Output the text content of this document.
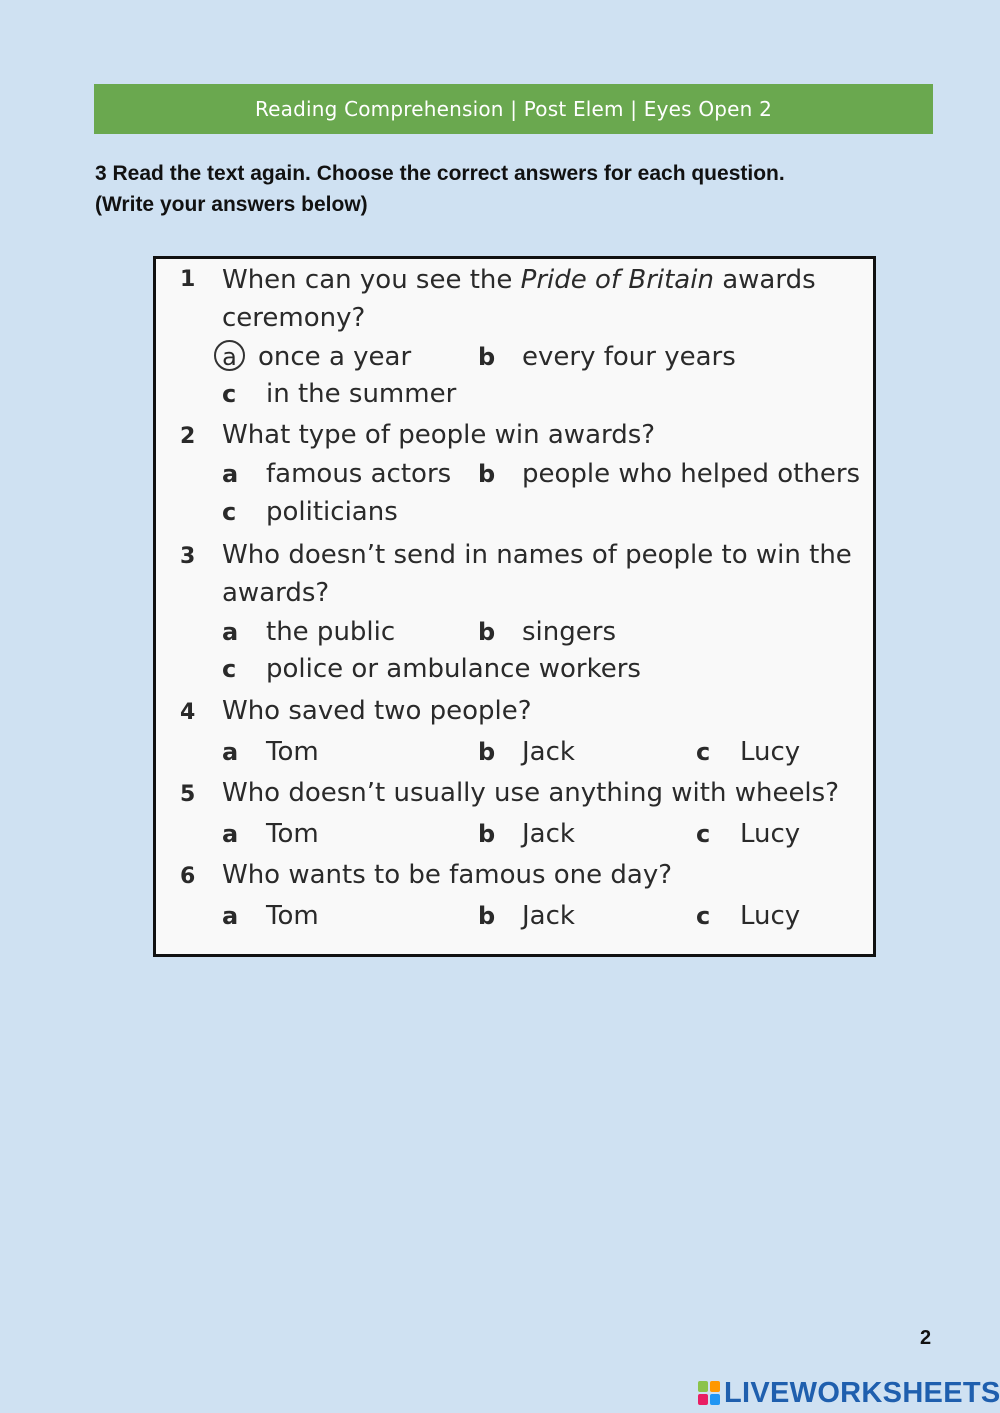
Reading Comprehension | Post Elem | Eyes Open 2
3 Read the text again. Choose the correct answers for each question.
(Write your answers below)
1 When can you see the Pride of Britain awards
ceremony?
a once a year	b every four years
c in the summer
2 What type of people win awards?
a famous actors b people who helped others
c politicians
3 Who doesn’t send in names of people to win the
awards?
a the public	b singers
c police or ambulance workers
4 Who saved two people?
a Tom	b Jack	c Lucy
5 Who doesn’t usually use anything with wheels?
a Tom	b Jack	c Lucy
6 Who wants to be famous one day?
a Tom	b Jack	c Lucy
2
LIVEWORKSHEETS
